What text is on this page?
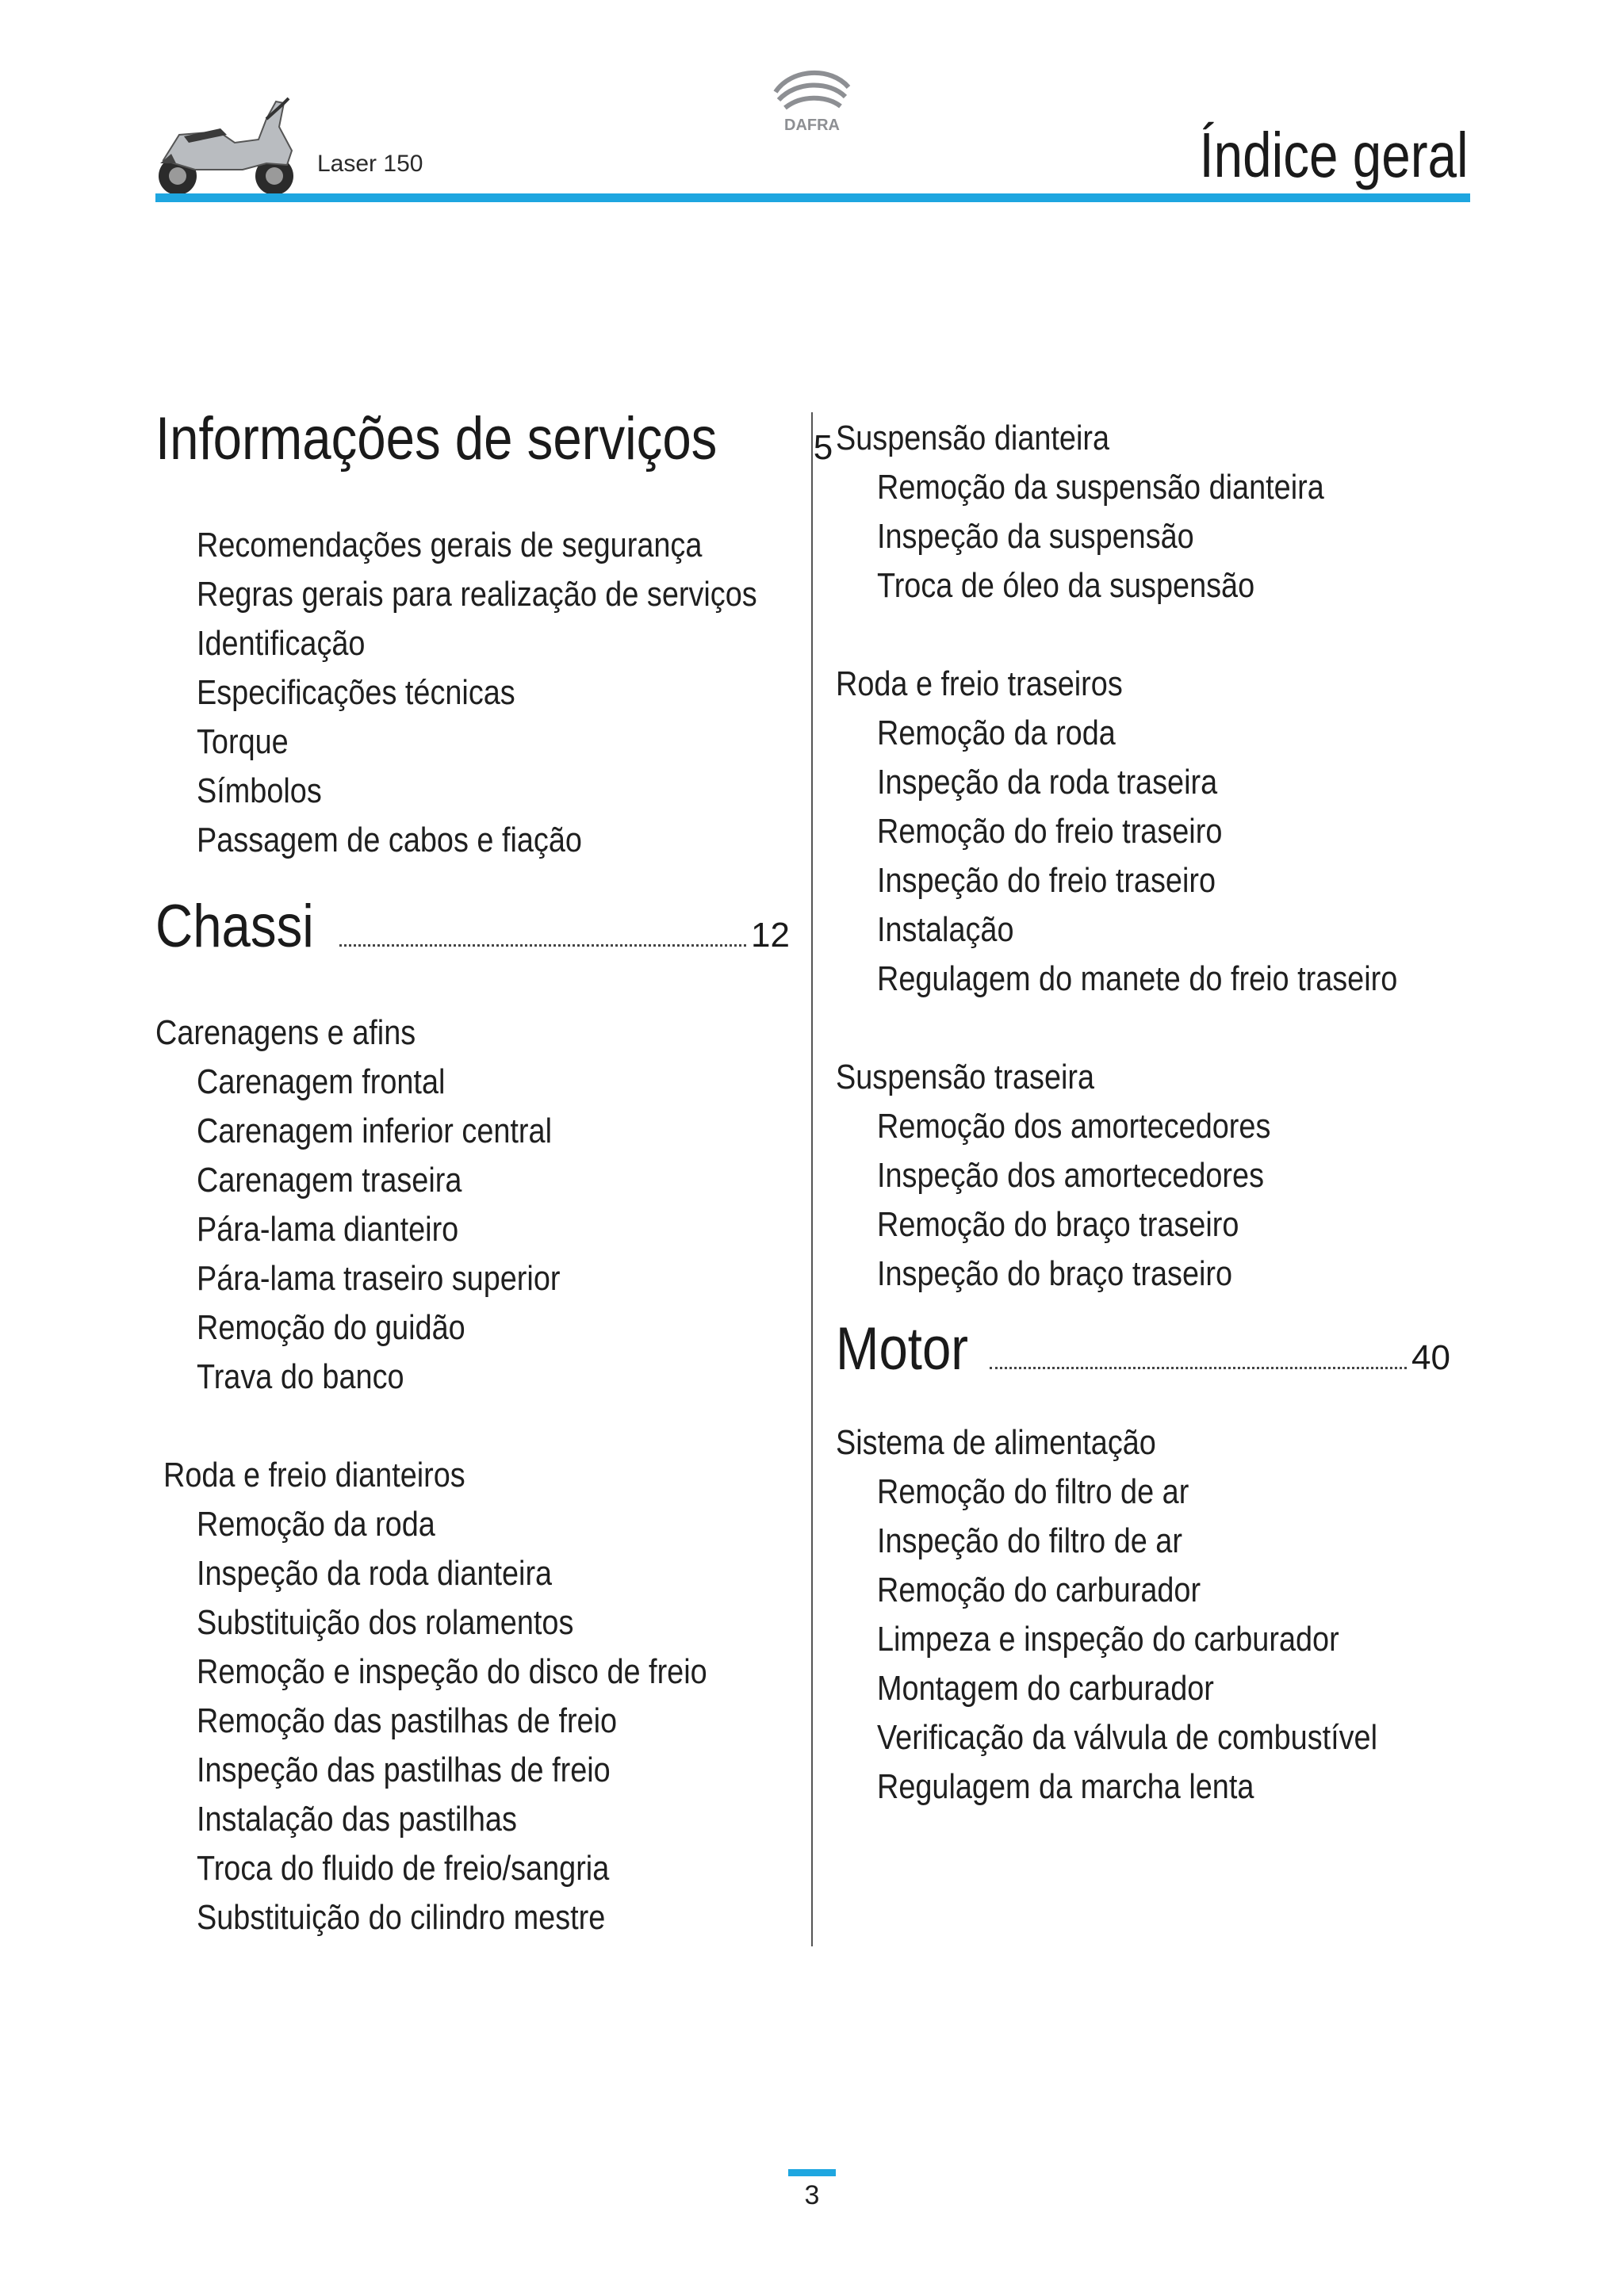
Laser 150
DAFRA	Índice geral
Informações de serviços	5
Recomendações gerais de segurança
Regras gerais para realização de serviços
Identificação
Especificações técnicas
Torque
Símbolos
Passagem de cabos e fiação
Chassi	12
Carenagens e afins
Carenagem frontal
Carenagem inferior central
Carenagem traseira
Pára-lama dianteiro
Pára-lama traseiro superior
Remoção do guidão
Trava do banco
Roda e freio dianteiros
Remoção da roda
Inspeção da roda dianteira
Substituição dos rolamentos
Remoção e inspeção do disco de freio
Remoção das pastilhas de freio
Inspeção das pastilhas de freio
Instalação das pastilhas
Troca do fluido de freio/sangria
Substituição do cilindro mestre
Suspensão dianteira
Remoção da suspensão dianteira
Inspeção da suspensão
Troca de óleo da suspensão
Roda e freio traseiros
Remoção da roda
Inspeção da roda traseira
Remoção do freio traseiro
Inspeção do freio traseiro
Instalação
Regulagem do manete do freio traseiro
Suspensão traseira
Remoção dos amortecedores
Inspeção dos amortecedores
Remoção do braço traseiro
Inspeção do braço traseiro
Motor	40
Sistema de alimentação
Remoção do filtro de ar
Inspeção do filtro de ar
Remoção do carburador
Limpeza e inspeção do carburador
Montagem do carburador
Verificação da válvula de combustível
Regulagem da marcha lenta
3
